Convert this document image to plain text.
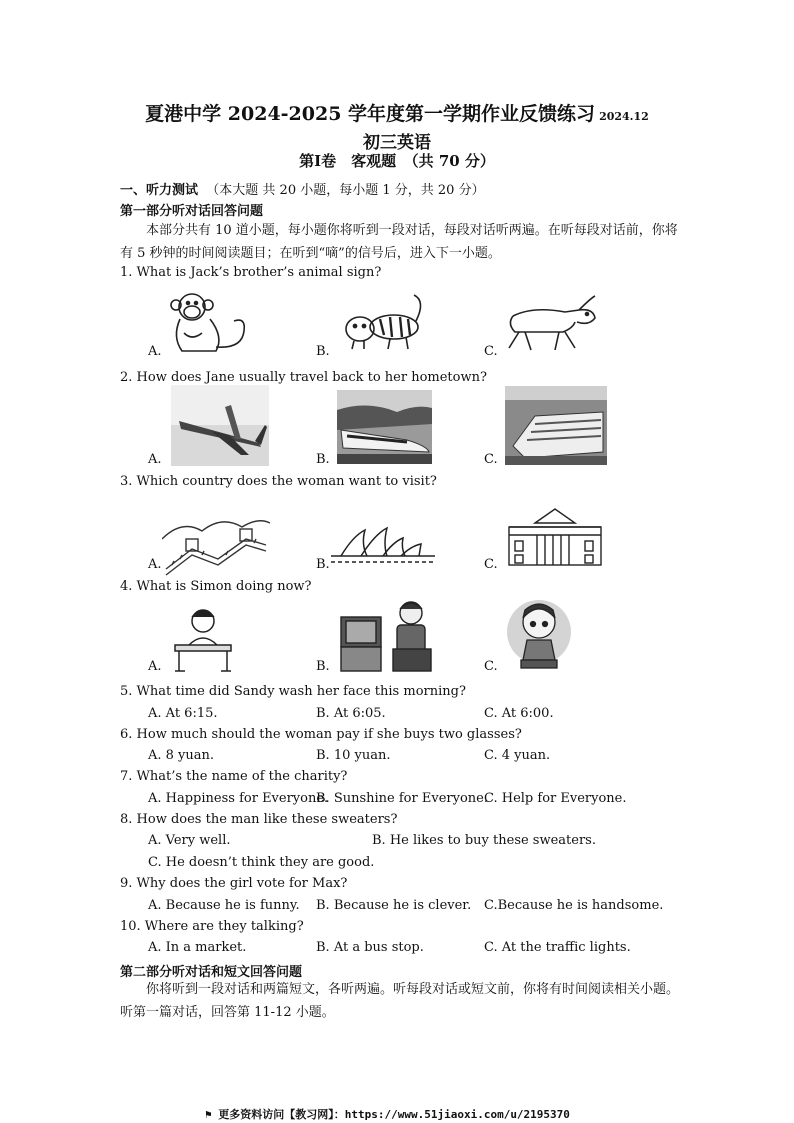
夏港中学 2024-2025 学年度第一学期作业反馈练习 2024.12
初三英语
第Ⅰ卷　客观题　（共 70 分）
一、听力测试 （本大题 共 20 小题，每小题 1 分，共 20 分）
第一部分听对话回答问题
本部分共有 10 道小题，每小题你将听到一段对话，每段对话听两遍。在听每段对话前，你将有 5 秒钟的时间阅读题目；在听到“嘀”的信号后，进入下一小题。
1. What is Jack’s brother’s animal sign?
A.	B.	C.
2. How does Jane usually travel back to her hometown?
A.	B.	C.
3. Which country does the woman want to visit?
A.	B.	C.
4. What is Simon doing now?
A.	B.	C.
5. What time did Sandy wash her face this morning?
A. At 6:15.	B. At 6:05.	C. At 6:00.
6. How much should the woman pay if she buys two glasses?
A. 8 yuan.	B. 10 yuan.	C. 4 yuan.
7. What’s the name of the charity?
A. Happiness for Everyone.
B. Sunshine for Everyone.
C. Help for Everyone.
8. How does the man like these sweaters?
A. Very well.	B. He likes to buy these sweaters.
C. He doesn’t think they are good.
9. Why does the girl vote for Max?
A. Because he is funny. B. Because he is clever. C.Because he is handsome.
10. Where are they talking?
A. In a market.	B. At a bus stop.	C. At the traffic lights.
第二部分听对话和短文回答问题
你将听到一段对话和两篇短文，各听两遍。听每段对话或短文前，你将有时间阅读相关小题。听第一篇对话，回答第 11-12 小题。
⚑ 更多资料访问【教习网】：https://www.51jiaoxi.com/u/2195370
